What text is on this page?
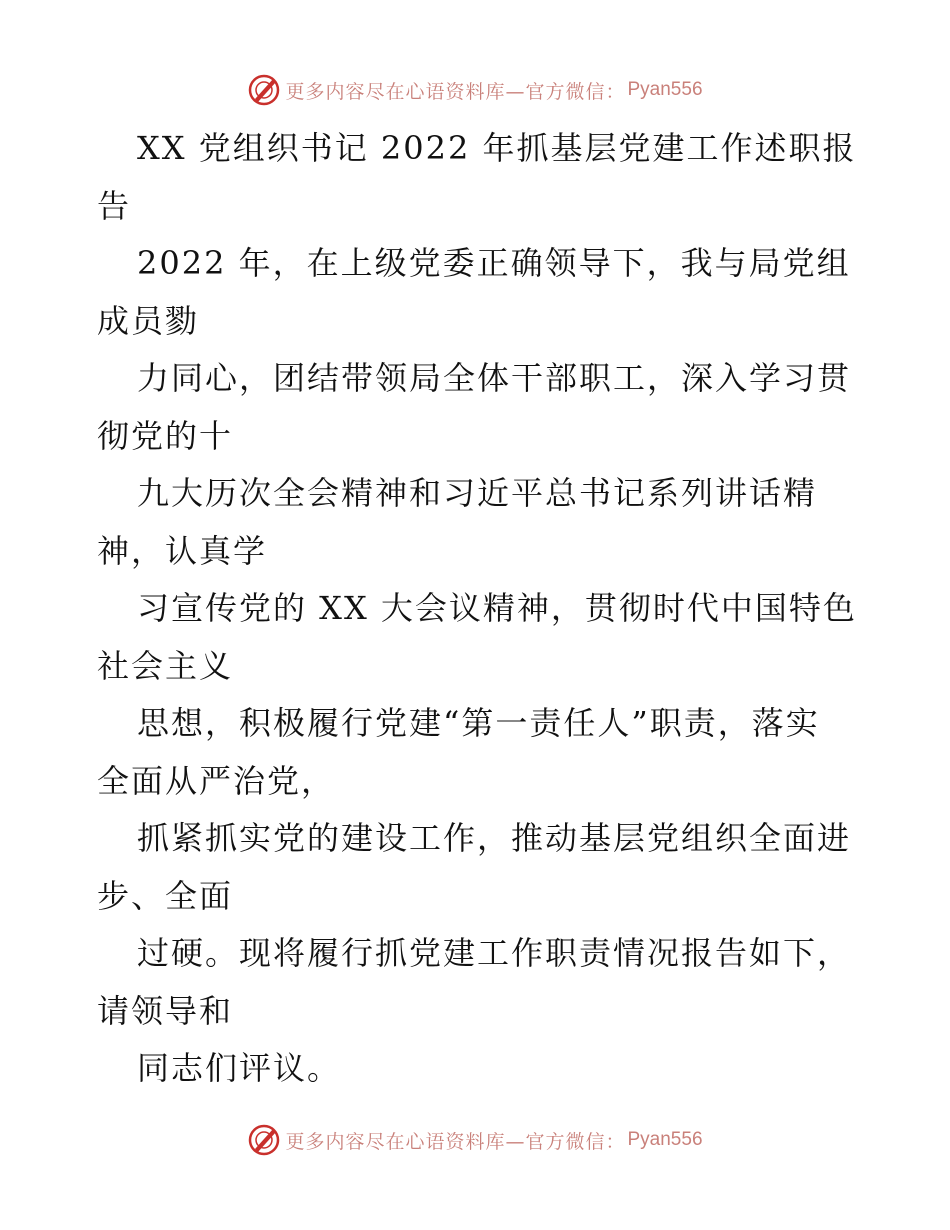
更多内容尽在心语资料库—官方微信： Pyan556
XX 党组织书记 2022 年抓基层党建工作述职报
告
2022 年，在上级党委正确领导下，我与局党组
成员勠
力同心，团结带领局全体干部职工，深入学习贯
彻党的十
九大历次全会精神和习近平总书记系列讲话精
神，认真学
习宣传党的 XX 大会议精神，贯彻时代中国特色
社会主义
思想，积极履行党建“第一责任人”职责，落实
全面从严治党，
抓紧抓实党的建设工作，推动基层党组织全面进
步、全面
过硬。现将履行抓党建工作职责情况报告如下，
请领导和
同志们评议。
更多内容尽在心语资料库—官方微信： Pyan556
